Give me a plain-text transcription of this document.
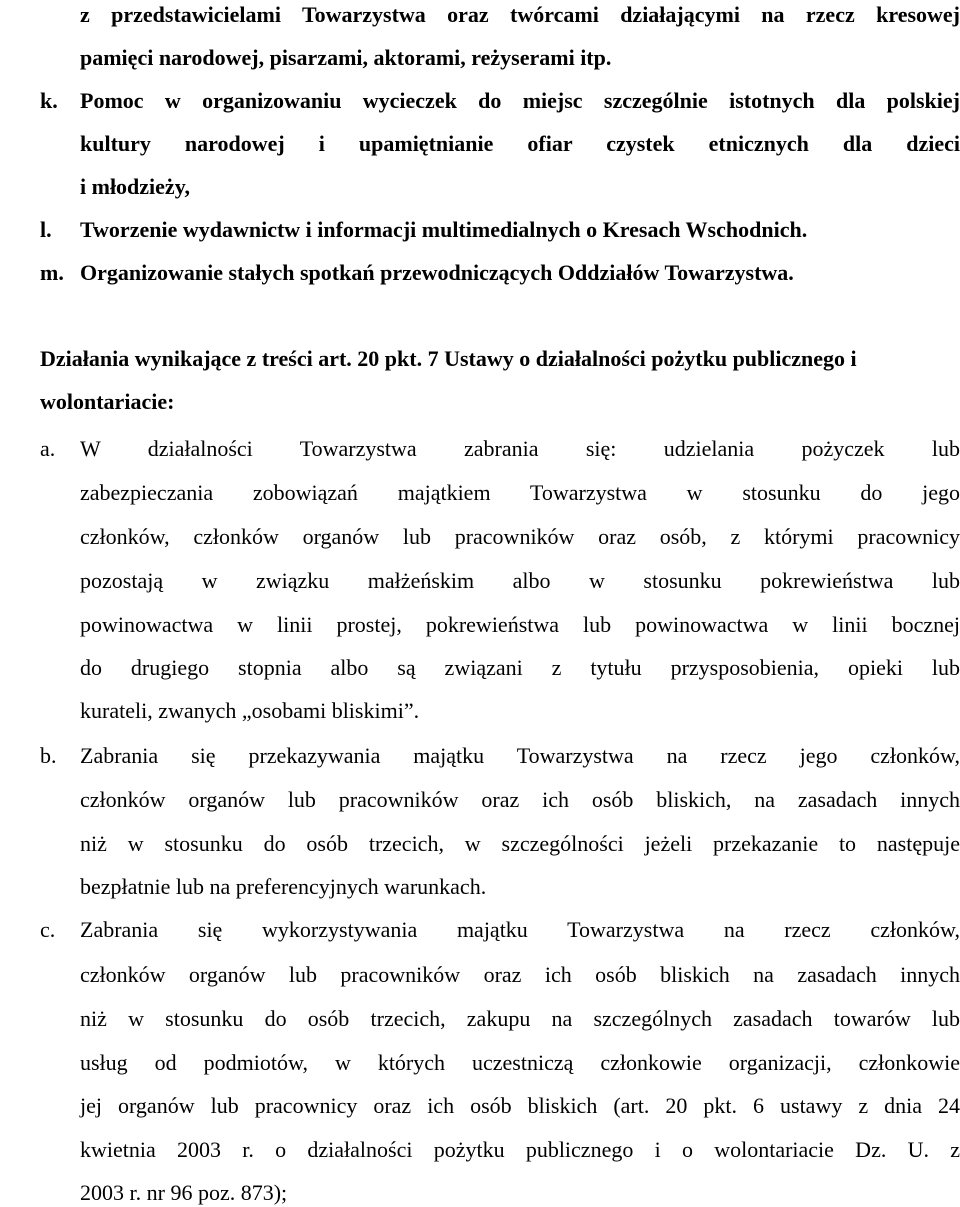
z przedstawicielami Towarzystwa oraz twórcami działającymi na rzecz kresowej
pamięci narodowej, pisarzami, aktorami, reżyserami itp.
k. Pomoc w organizowaniu wycieczek do miejsc szczególnie istotnych dla polskiej
kultury narodowej i upamiętnianie ofiar czystek etnicznych dla dzieci
i młodzieży,
l. Tworzenie wydawnictw i informacji multimedialnych o Kresach Wschodnich.
m. Organizowanie stałych spotkań przewodniczących Oddziałów Towarzystwa.
Działania wynikające z treści art. 20 pkt. 7 Ustawy o działalności pożytku publicznego i
wolontariacie:
a. W działalności Towarzystwa zabrania się: udzielania pożyczek lub
zabezpieczania zobowiązań majątkiem Towarzystwa w stosunku do jego
członków, członków organów lub pracowników oraz osób, z którymi pracownicy
pozostają w związku małżeńskim albo w stosunku pokrewieństwa lub
powinowactwa w linii prostej, pokrewieństwa lub powinowactwa w linii bocznej
do drugiego stopnia albo są związani z tytułu przysposobienia, opieki lub
kurateli, zwanych „osobami bliskimi”.
b. Zabrania się przekazywania majątku Towarzystwa na rzecz jego członków,
członków organów lub pracowników oraz ich osób bliskich, na zasadach innych
niż w stosunku do osób trzecich, w szczególności jeżeli przekazanie to następuje
bezpłatnie lub na preferencyjnych warunkach.
c. Zabrania się wykorzystywania majątku Towarzystwa na rzecz członków,
członków organów lub pracowników oraz ich osób bliskich na zasadach innych
niż w stosunku do osób trzecich, zakupu na szczególnych zasadach towarów lub
usług od podmiotów, w których uczestniczą członkowie organizacji, członkowie
jej organów lub pracownicy oraz ich osób bliskich (art. 20 pkt. 6 ustawy z dnia 24
kwietnia 2003 r. o działalności pożytku publicznego i o wolontariacie Dz. U. z
2003 r. nr 96 poz. 873);
